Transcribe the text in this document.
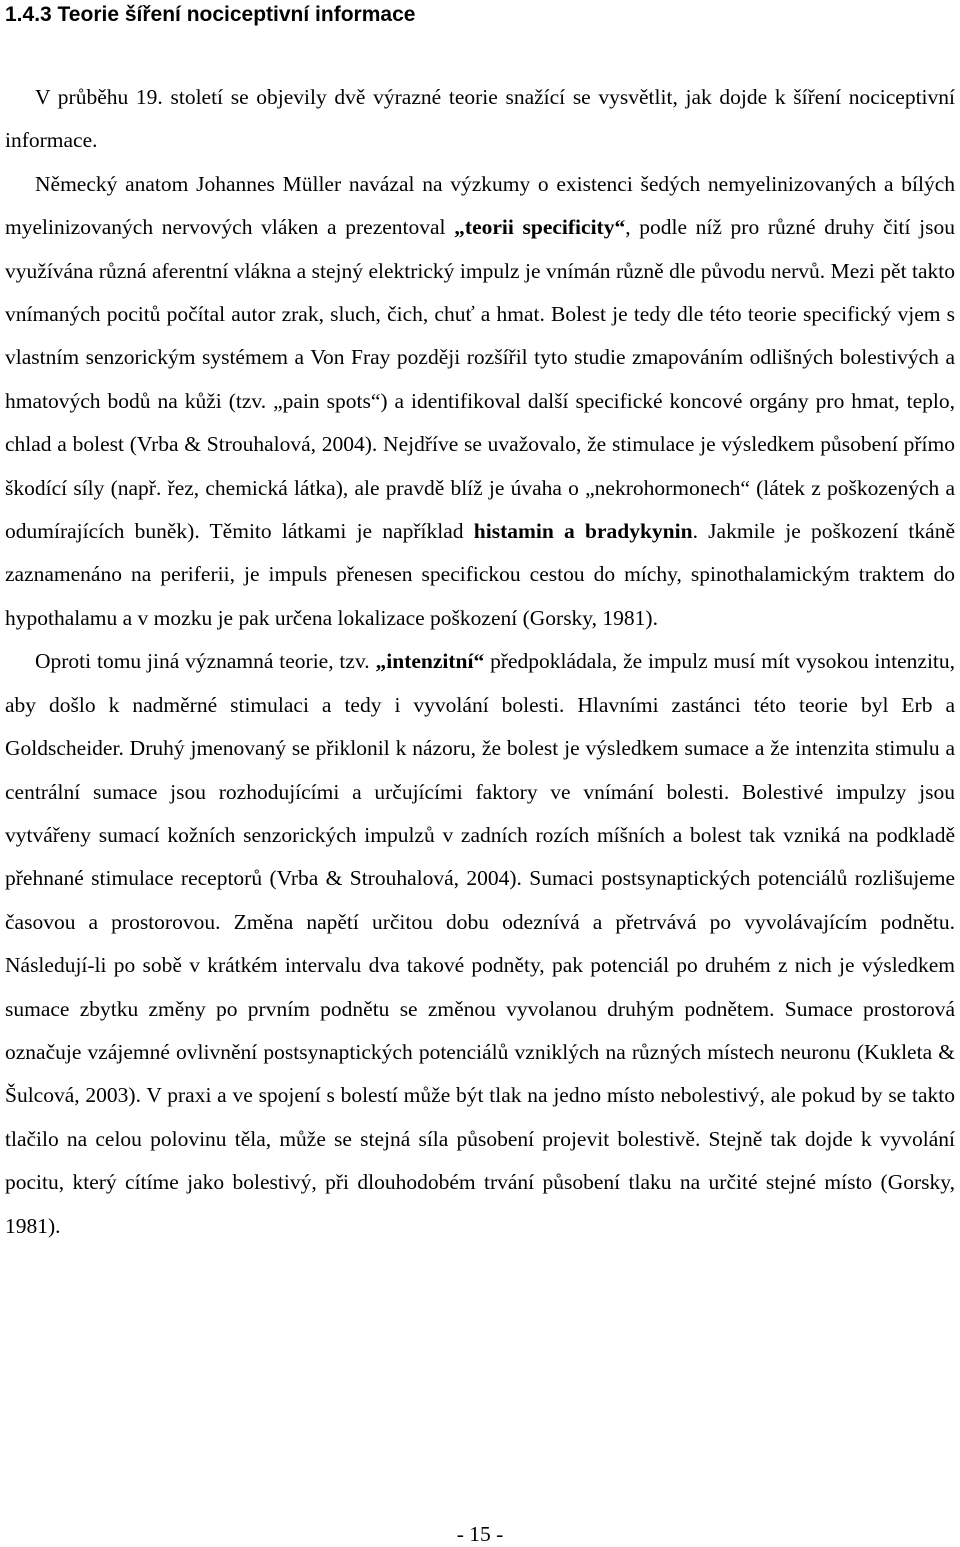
1.4.3 Teorie šíření nociceptivní informace

V průběhu 19. století se objevily dvě výrazné teorie snažící se vysvětlit, jak dojde k šíření nociceptivní informace.

Německý anatom Johannes Müller navázal na výzkumy o existenci šedých nemyelinizovaných a bílých myelinizovaných nervových vláken a prezentoval „teorii specificity“, podle níž pro různé druhy čití jsou využívána různá aferentní vlákna a stejný elektrický impulz je vnímán různě dle původu nervů. Mezi pět takto vnímaných pocitů počítal autor zrak, sluch, čich, chuť a hmat. Bolest je tedy dle této teorie specifický vjem s vlastním senzorickým systémem a Von Fray později rozšířil tyto studie zmapováním odlišných bolestivých a hmatových bodů na kůži (tzv. „pain spots“) a identifikoval další specifické koncové orgány pro hmat, teplo, chlad a bolest (Vrba & Strouhalová, 2004). Nejdříve se uvažovalo, že stimulace je výsledkem působení přímo škodící síly (např. řez, chemická látka), ale pravdě blíž je úvaha o „nekrohormonech“ (látek z poškozených a odumírajících buněk). Těmito látkami je například histamin a bradykynin. Jakmile je poškození tkáně zaznamenáno na periferii, je impuls přenesen specifickou cestou do míchy, spinothalamickým traktem do hypothalamu a v mozku je pak určena lokalizace poškození (Gorsky, 1981).

Oproti tomu jiná významná teorie, tzv. „intenzitní“ předpokládala, že impulz musí mít vysokou intenzitu, aby došlo k nadměrné stimulaci a tedy i vyvolání bolesti. Hlavními zastánci této teorie byl Erb a Goldscheider. Druhý jmenovaný se přiklonil k názoru, že bolest je výsledkem sumace a že intenzita stimulu a centrální sumace jsou rozhodujícími a určujícími faktory ve vnímání bolesti. Bolestivé impulzy jsou vytvářeny sumací kožních senzorických impulzů v zadních rozích míšních a bolest tak vzniká na podkladě přehnané stimulace receptorů (Vrba & Strouhalová, 2004). Sumaci postsynaptických potenciálů rozlišujeme časovou a prostorovou. Změna napětí určitou dobu odeznívá a přetrvává po vyvolávajícím podnětu. Následují-li po sobě v krátkém intervalu dva takové podněty, pak potenciál po druhém z nich je výsledkem sumace zbytku změny po prvním podnětu se změnou vyvolanou druhým podnětem. Sumace prostorová označuje vzájemné ovlivnění postsynaptických potenciálů vzniklých na různých místech neuronu (Kukleta & Šulcová, 2003). V praxi a ve spojení s bolestí může být tlak na jedno místo nebolestivý, ale pokud by se takto tlačilo na celou polovinu těla, může se stejná síla působení projevit bolestivě. Stejně tak dojde k vyvolání pocitu, který cítíme jako bolestivý, při dlouhodobém trvání působení tlaku na určité stejné místo (Gorsky, 1981).

- 15 -
